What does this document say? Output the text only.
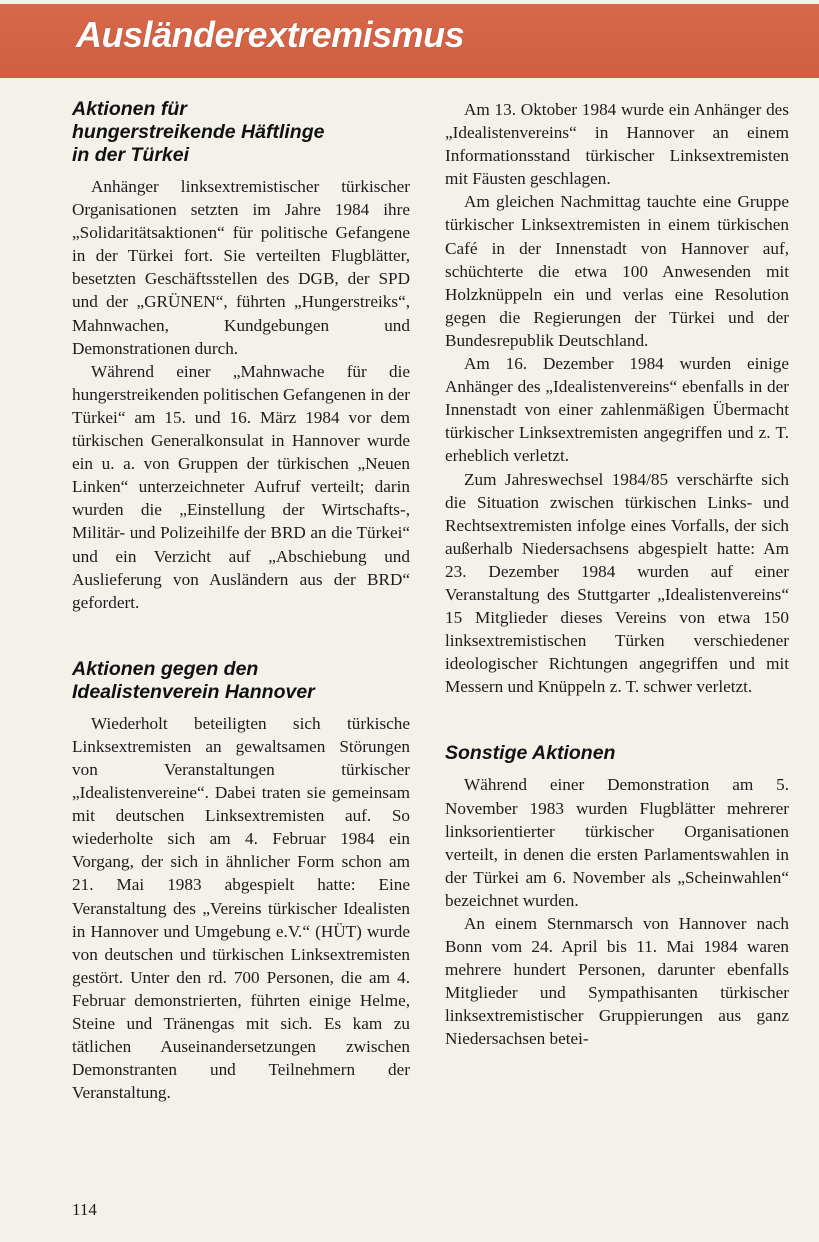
Ausländerextremismus
Aktionen für
hungerstreikende Häftlinge
in der Türkei

Anhänger linksextremistischer türkischer Organisationen setzten im Jahre 1984 ihre „Solidaritätsaktionen“ für politische Gefangene in der Türkei fort. Sie verteilten Flugblätter, besetzten Geschäftsstellen des DGB, der SPD und der „GRÜNEN“, führten „Hungerstreiks“, Mahnwachen, Kundgebungen und Demonstrationen durch.

Während einer „Mahnwache für die hungerstreikenden politischen Gefangenen in der Türkei“ am 15. und 16. März 1984 vor dem türkischen Generalkonsulat in Hannover wurde ein u. a. von Gruppen der türkischen „Neuen Linken“ unterzeichneter Aufruf verteilt; darin wurden die „Einstellung der Wirtschafts-, Militär- und Polizeihilfe der BRD an die Türkei“ und ein Verzicht auf „Abschiebung und Auslieferung von Ausländern aus der BRD“ gefordert.

Aktionen gegen den
Idealistenverein Hannover

Wiederholt beteiligten sich türkische Linksextremisten an gewaltsamen Störungen von Veranstaltungen türkischer „Idealistenvereine“. Dabei traten sie gemeinsam mit deutschen Linksextremisten auf. So wiederholte sich am 4. Februar 1984 ein Vorgang, der sich in ähnlicher Form schon am 21. Mai 1983 abgespielt hatte: Eine Veranstaltung des „Vereins türkischer Idealisten in Hannover und Umgebung e.V.“ (HÜT) wurde von deutschen und türkischen Linksextremisten gestört. Unter den rd. 700 Personen, die am 4. Februar demonstrierten, führten einige Helme, Steine und Tränengas mit sich. Es kam zu tätlichen Auseinandersetzungen zwischen Demonstranten und Teilnehmern der Veranstaltung.

Am 13. Oktober 1984 wurde ein Anhänger des „Idealistenvereins“ in Hannover an einem Informationsstand türkischer Linksextremisten mit Fäusten geschlagen.

Am gleichen Nachmittag tauchte eine Gruppe türkischer Linksextremisten in einem türkischen Café in der Innenstadt von Hannover auf, schüchterte die etwa 100 Anwesenden mit Holzknüppeln ein und verlas eine Resolution gegen die Regierungen der Türkei und der Bundesrepublik Deutschland.

Am 16. Dezember 1984 wurden einige Anhänger des „Idealistenvereins“ ebenfalls in der Innenstadt von einer zahlenmäßigen Übermacht türkischer Linksextremisten angegriffen und z. T. erheblich verletzt.

Zum Jahreswechsel 1984/85 verschärfte sich die Situation zwischen türkischen Links- und Rechtsextremisten infolge eines Vorfalls, der sich außerhalb Niedersachsens abgespielt hatte: Am 23. Dezember 1984 wurden auf einer Veranstaltung des Stuttgarter „Idealistenvereins“ 15 Mitglieder dieses Vereins von etwa 150 linksextremistischen Türken verschiedener ideologischer Richtungen angegriffen und mit Messern und Knüppeln z. T. schwer verletzt.

Sonstige Aktionen

Während einer Demonstration am 5. November 1983 wurden Flugblätter mehrerer linksorientierter türkischer Organisationen verteilt, in denen die ersten Parlamentswahlen in der Türkei am 6. November als „Scheinwahlen“ bezeichnet wurden.

An einem Sternmarsch von Hannover nach Bonn vom 24. April bis 11. Mai 1984 waren mehrere hundert Personen, darunter ebenfalls Mitglieder und Sympathisanten türkischer linksextremistischer Gruppierungen aus ganz Niedersachsen betei-

114
